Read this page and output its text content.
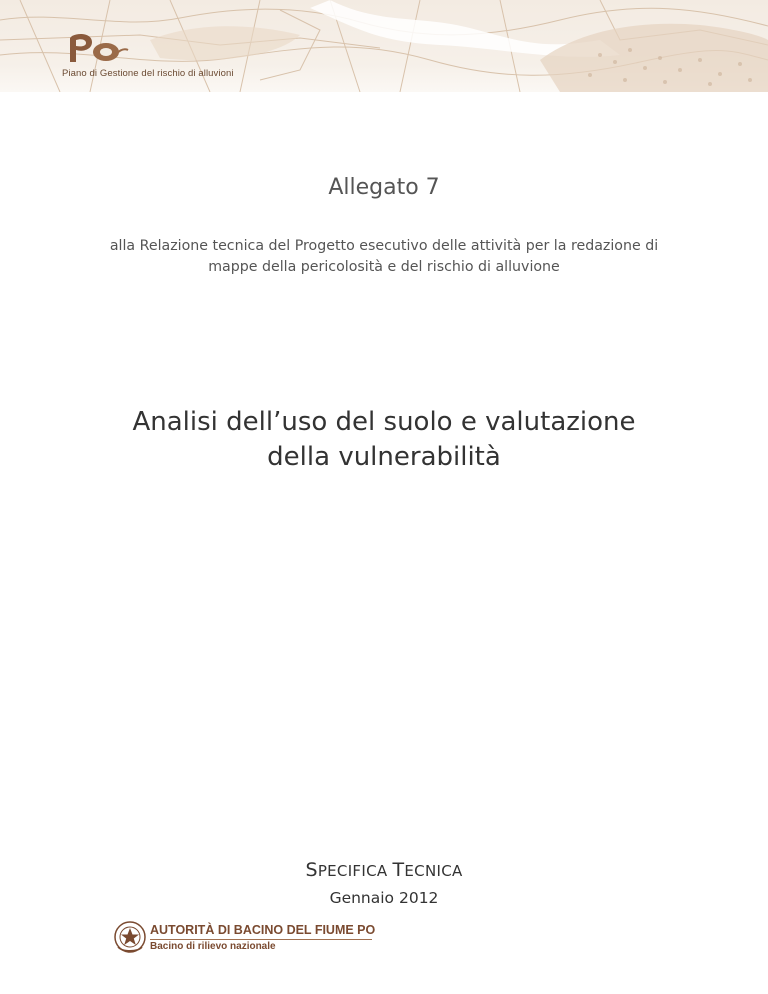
Piano di Gestione del rischio di alluvioni
Allegato 7
alla Relazione tecnica del Progetto esecutivo delle attività per la redazione di mappe della pericolosità e del rischio di alluvione
Analisi dell’uso del suolo e valutazione
della vulnerabilità
SPECIFICA TECNICA
Gennaio 2012
AUTORITÀ DI BACINO DEL FIUME PO
Bacino di rilievo nazionale
